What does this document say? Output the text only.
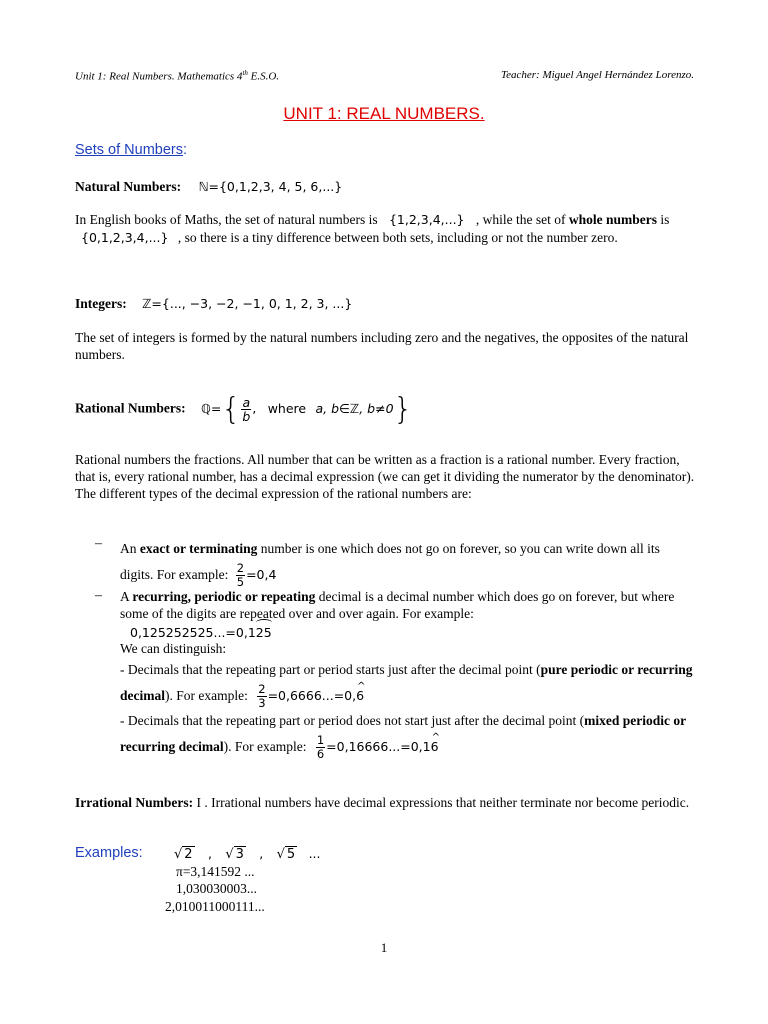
Unit 1: Real Numbers. Mathematics 4th E.S.O.	Teacher: Miguel Angel Hernández Lorenzo.
UNIT 1: REAL NUMBERS.
Sets of Numbers:
Natural Numbers: ℕ={0,1,2,3, 4, 5, 6,...}
In English books of Maths, the set of natural numbers is {1,2,3,4,...} , while the set of whole numbers is {0,1,2,3,4,...} , so there is a tiny difference between both sets, including or not the number zero.
Integers: ℤ={..., −3, −2, −1, 0, 1, 2, 3, ...}
The set of integers is formed by the natural numbers including zero and the negatives, the opposites of the natural numbers.
Rational Numbers: ℚ={ $\frac{a}{b}$ , where a, b∈ℤ, b≠0}
Rational numbers the fractions. All number that can be written as a fraction is a rational number. Every fraction, that is, every rational number, has a decimal expression (we can get it dividing the numerator by the denominator). The different types of the decimal expression of the rational numbers are:
– An exact or terminating number is one which does not go on forever, so you can write down all its digits. For example: $\frac{2}{5} =0,4$
– A recurring, periodic or repeating decimal is a decimal number which does go on forever, but where some of the digits are repeated over and over again. For example:
0,125252525...=0,125
We can distinguish:
- Decimals that the repeating part or period starts just after the decimal point (pure periodic or recurring decimal). For example: $\frac{2}{3}$ =0,6666...=0,^ 6
- Decimals that the repeating part or period does not start just after the decimal point (mixed periodic or recurring decimal). For example: $\frac{1}{6}$ =0,16666...=0,1^ 6
Irrational Numbers: I . Irrational numbers have decimal expressions that neither terminate nor become periodic.
Examples: √ 2 , √ 3 , √ 5 ...
π=3,141592 ...
1,030030003...
2,010011000111...
1
